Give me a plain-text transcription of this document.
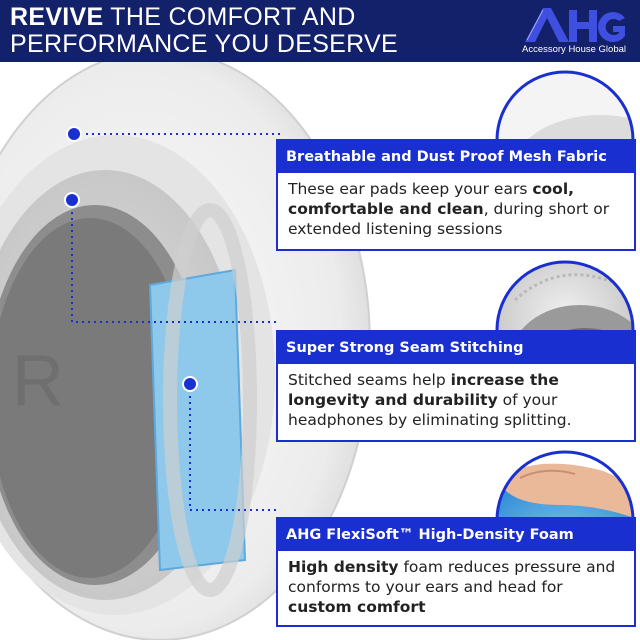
REVIVE THE COMFORT AND
PERFORMANCE YOU DESERVE	Accessory House Global
R
Breathable and Dust Proof Mesh Fabric
These ear pads keep your ears cool, comfortable and clean, during short or extended listening sessions
Super Strong Seam Stitching
Stitched seams help increase the longevity and durability of your headphones by eliminating splitting.
AHG FlexiSoft™ High-Density Foam
High density foam reduces pressure and conforms to your ears and head for custom comfort
